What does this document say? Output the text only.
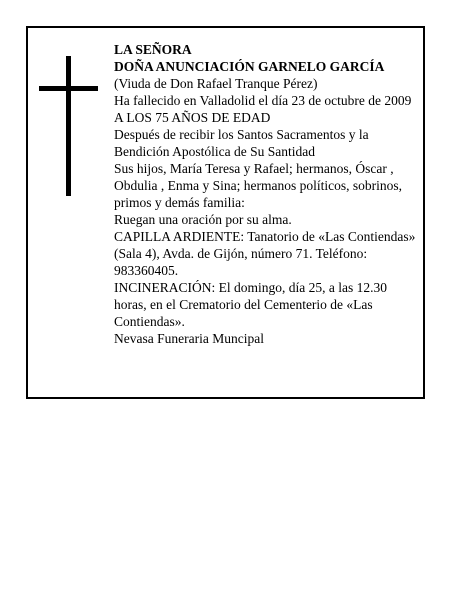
LA SEÑORA
DOÑA ANUNCIACIÓN GARNELO GARCÍA
(Viuda de Don Rafael Tranque Pérez)
Ha fallecido en Valladolid el día 23 de octubre de 2009
A LOS 75 AÑOS DE EDAD
Después de recibir los Santos Sacramentos y la
Bendición Apostólica de Su Santidad
Sus hijos, María Teresa y Rafael; hermanos, Óscar ,
Obdulia , Enma y Sina; hermanos políticos, sobrinos,
primos y demás familia:
Ruegan una oración por su alma.
CAPILLA ARDIENTE: Tanatorio de «Las Contiendas»
(Sala 4), Avda. de Gijón, número 71. Teléfono:
983360405.
INCINERACIÓN: El domingo, día 25, a las 12.30
horas, en el Crematorio del Cementerio de «Las
Contiendas».
Nevasa Funeraria Muncipal
